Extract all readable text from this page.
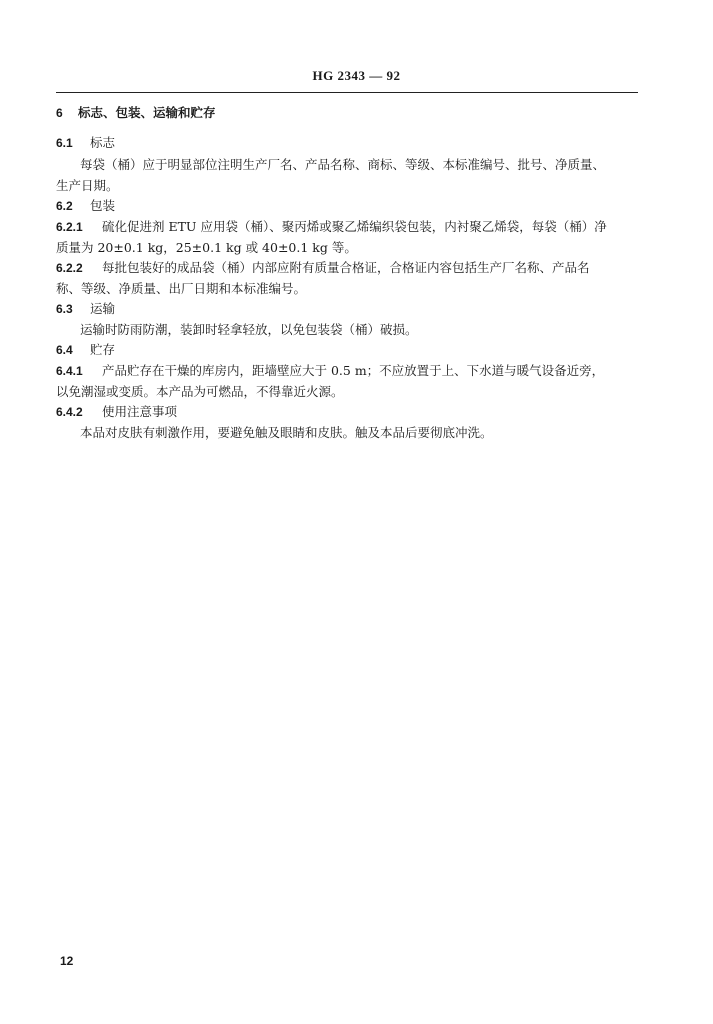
HG 2343 — 92
6 标志、包装、运输和贮存
6.1 标志
每袋（桶）应于明显部位注明生产厂名、产品名称、商标、等级、本标准编号、批号、净质量、
生产日期。
6.2 包装
6.2.1 硫化促进剂 ETU 应用袋（桶）、聚丙烯或聚乙烯编织袋包装，内衬聚乙烯袋，每袋（桶）净
质量为 20±0.1 kg，25±0.1 kg 或 40±0.1 kg 等。
6.2.2 每批包装好的成品袋（桶）内部应附有质量合格证，合格证内容包括生产厂名称、产品名
称、等级、净质量、出厂日期和本标准编号。
6.3 运输
运输时防雨防潮，装卸时轻拿轻放，以免包装袋（桶）破损。
6.4 贮存
6.4.1 产品贮存在干燥的库房内，距墙壁应大于 0.5 m；不应放置于上、下水道与暖气设备近旁，
以免潮湿或变质。本产品为可燃品，不得靠近火源。
6.4.2 使用注意事项
本品对皮肤有刺激作用，要避免触及眼睛和皮肤。触及本品后要彻底冲洗。
12
